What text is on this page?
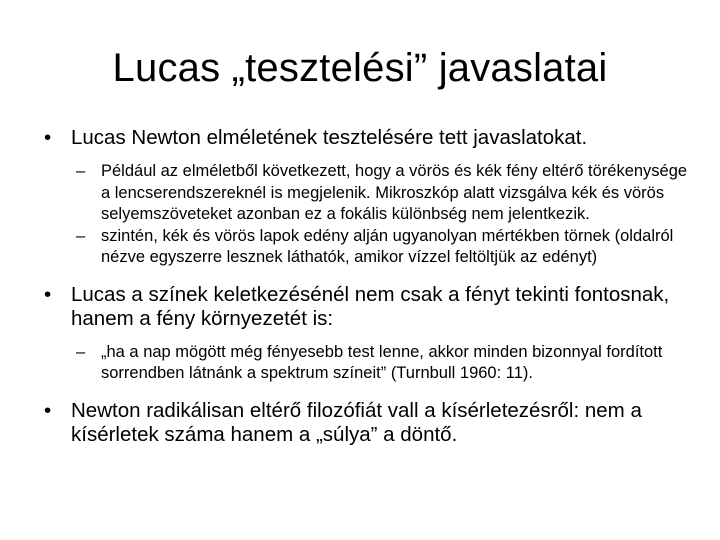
Lucas „tesztelési” javaslatai
• Lucas Newton elméletének tesztelésére tett javaslatokat.
– Például az elméletből következett, hogy a vörös és kék fény eltérő törékenysége a lencserendszereknél is megjelenik. Mikroszkóp alatt vizsgálva kék és vörös selyemszöveteket azonban ez a fokális különbség nem jelentkezik.
– szintén, kék és vörös lapok edény alján ugyanolyan mértékben törnek (oldalról nézve egyszerre lesznek láthatók, amikor vízzel feltöltjük az edényt)
• Lucas a színek keletkezésénél nem csak a fényt tekinti fontosnak, hanem a fény környezetét is:
– „ha a nap mögött még fényesebb test lenne, akkor minden bizonnyal fordított sorrendben látnánk a spektrum színeit” (Turnbull 1960: 11).
• Newton radikálisan eltérő filozófiát vall a kísérletezésről: nem a kísérletek száma hanem a „súlya” a döntő.
